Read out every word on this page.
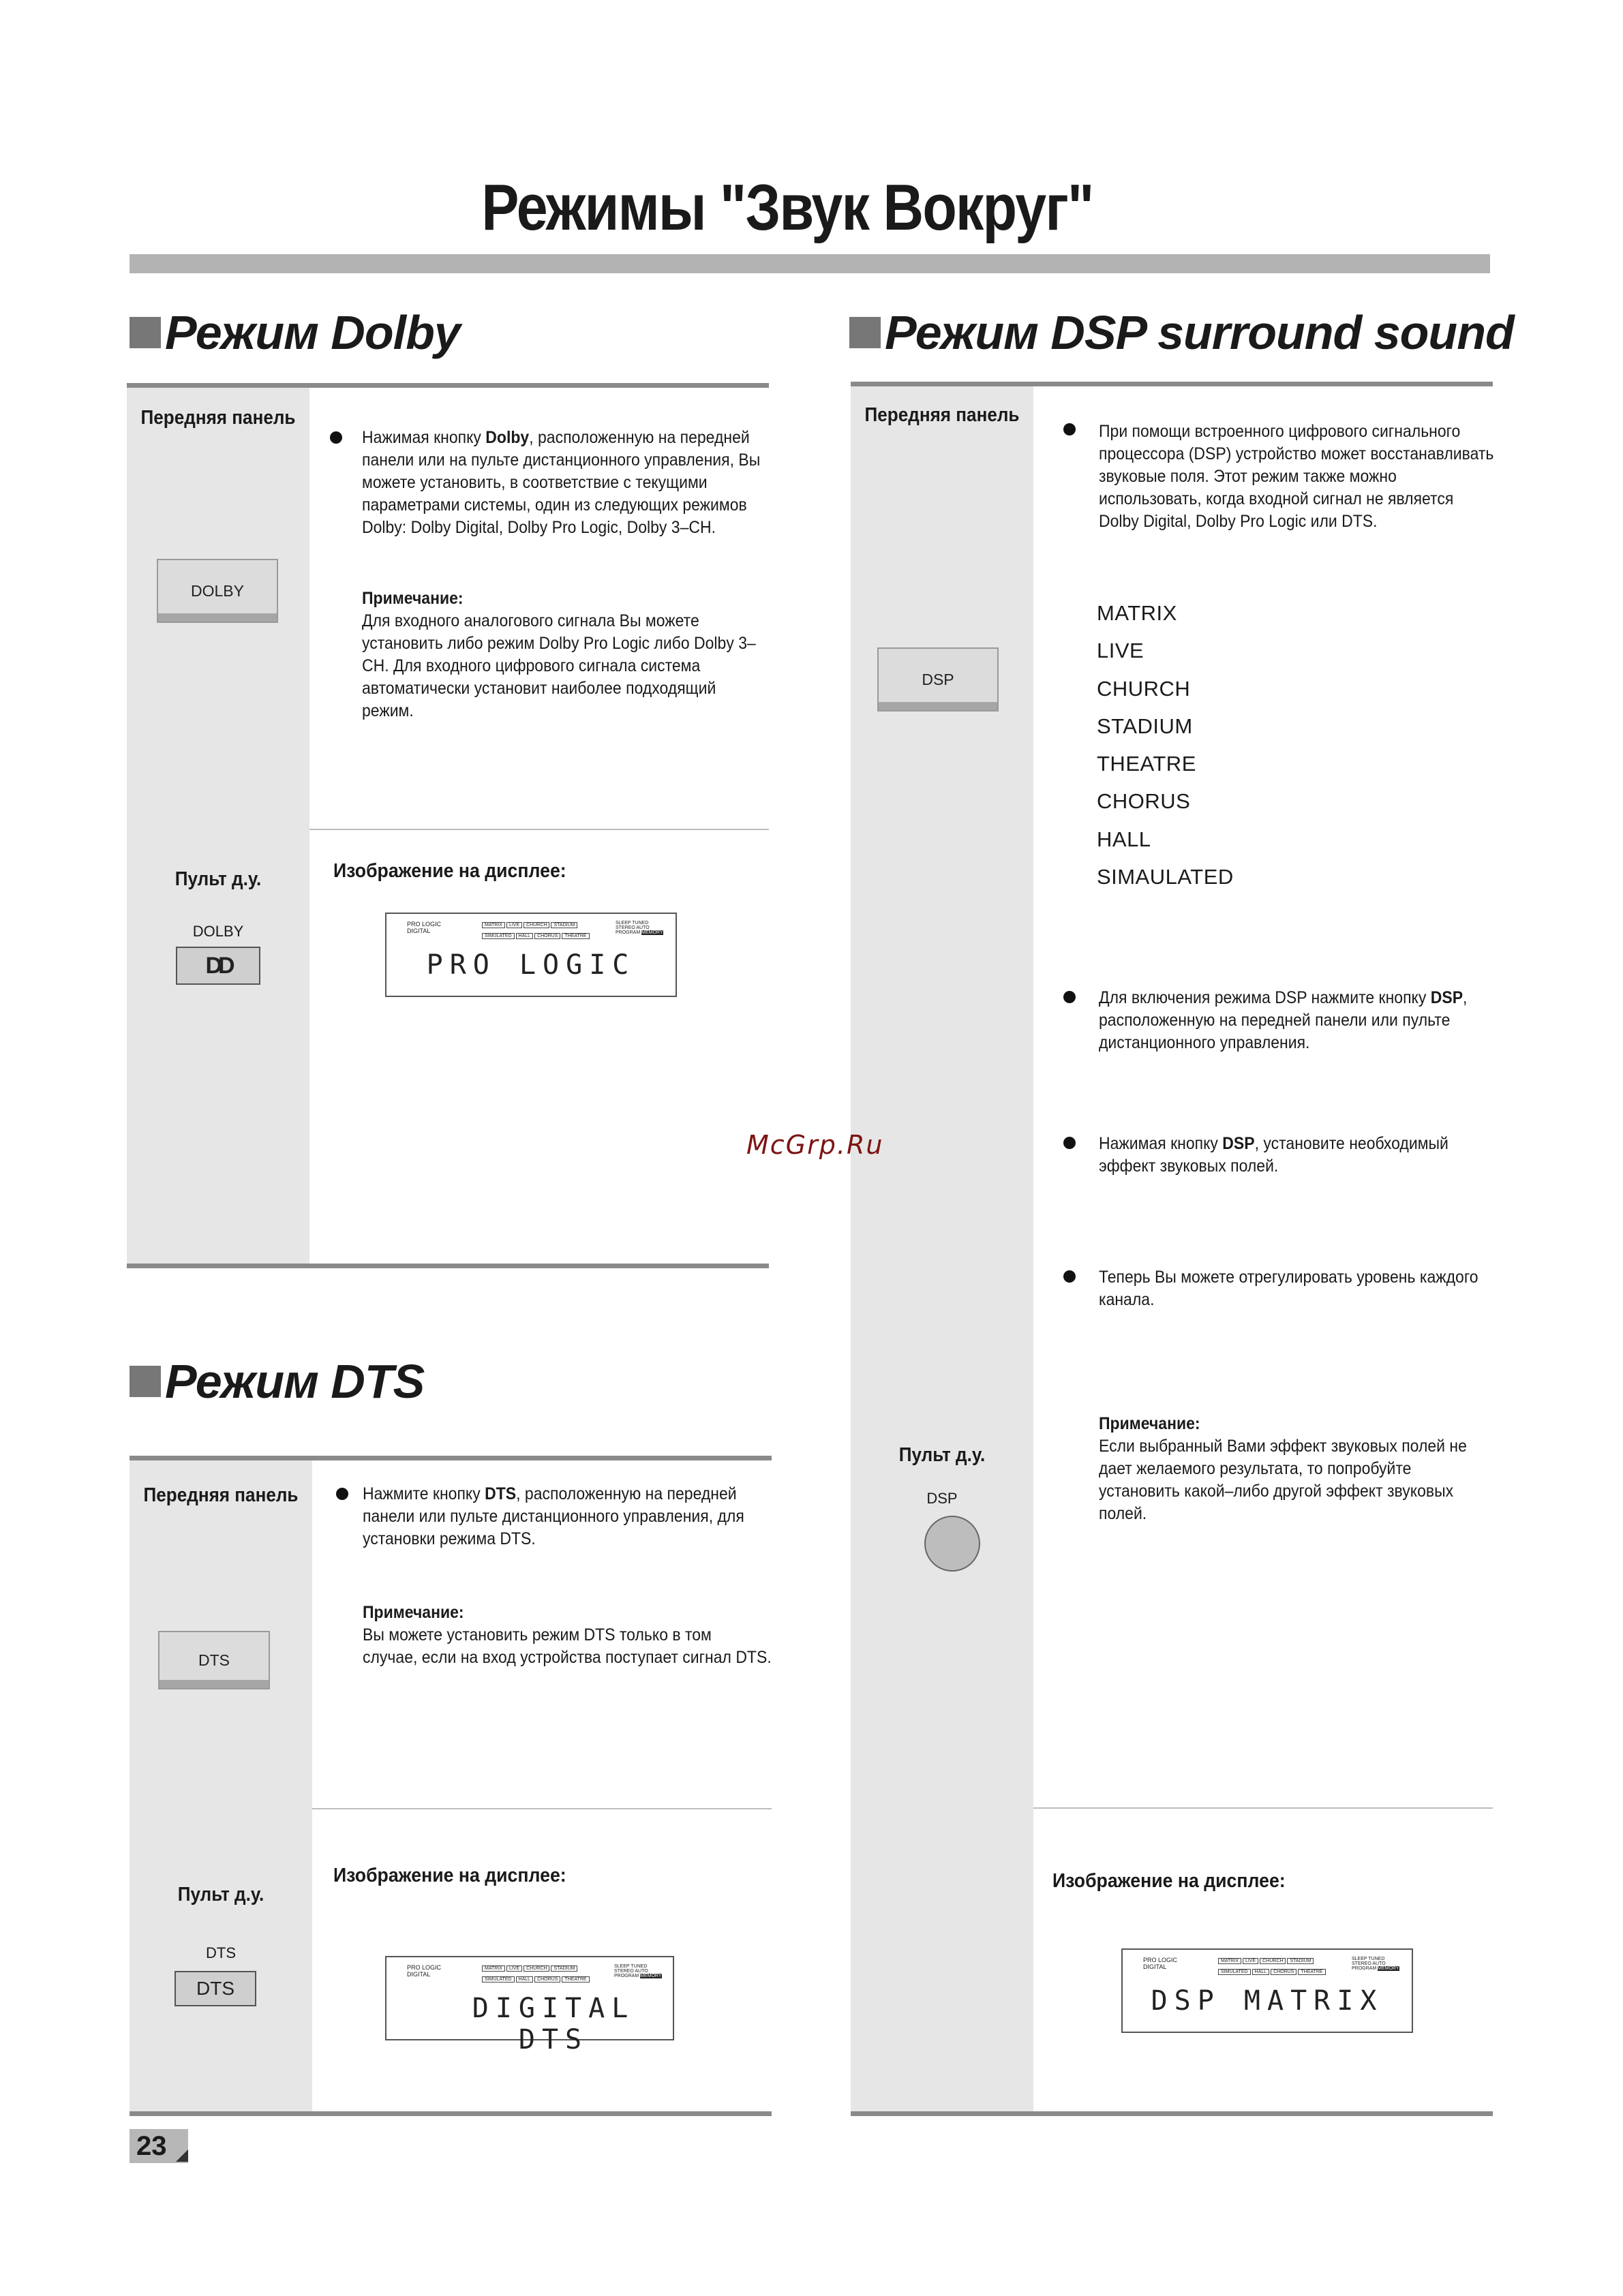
Режимы "Звук Вокруг"
Режим Dolby
Передняя панель
DOLBY
Нажимая кнопку Dolby, расположенную на передней
панели или на пульте дистанционного управления, Вы
можете установить, в соответствие с текущими
параметрами системы, один из следующих режимов
Dolby: Dolby Digital, Dolby Pro Logic, Dolby 3–CH.
Примечание:
Для входного аналогового сигнала Вы можете
установить либо режим Dolby Pro Logic либо Dolby 3–
CH. Для входного цифрового сигнала система
автоматически установит наиболее подходящий
режим.
Пульт д.у.
DOLBY
DD
Изображение на дисплее:
PRO LOGIC
DIGITAL
MATRIX LIVE CHURCH STADIUM
SIMULATED HALL CHORUS THEATRE
SLEEP TUNED
STEREO AUTO
PROGRAM MEMORY
PRO LOGIC
Режим DTS
Передняя панель
DTS
Нажмите кнопку DTS, расположенную на передней
панели или пульте дистанционного управления, для
установки режима DTS.
Примечание:
Вы можете установить режим DTS только в том
случае, если на вход устройства поступает сигнал DTS.
Пульт д.у.
DTS
DTS
Изображение на дисплее:
PRO LOGIC
DIGITAL
MATRIX LIVE CHURCH STADIUM
SIMULATED HALL CHORUS THEATRE
SLEEP TUNED
STEREO AUTO
PROGRAM MEMORY
DIGITAL DTS
Режим DSP surround sound
Передняя панель
DSP
При помощи встроенного цифрового сигнального
процессора (DSP) устройство может восстанавливать
звуковые поля. Этот режим также можно
использовать, когда входной сигнал не является
Dolby Digital, Dolby Pro Logic или DTS.
MATRIX
LIVE
CHURCH
STADIUM
THEATRE
CHORUS
HALL
SIMAULATED
Для включения режима DSP нажмите кнопку DSP,
расположенную на передней панели или пульте
дистанционного управления.
Нажимая кнопку DSP, установите необходимый
эффект звуковых полей.
Теперь Вы можете отрегулировать уровень каждого
канала.
Примечание:
Если выбранный Вами эффект звуковых полей не
дает желаемого результата, то попробуйте
установить какой–либо другой эффект звуковых
полей.
Пульт д.у.
DSP
Изображение на дисплее:
PRO LOGIC
DIGITAL
MATRIX LIVE CHURCH STADIUM
SIMULATED HALL CHORUS THEATRE
SLEEP TUNED
STEREO AUTO
PROGRAM MEMORY
DSP MATRIX
McGrp.Ru
23
